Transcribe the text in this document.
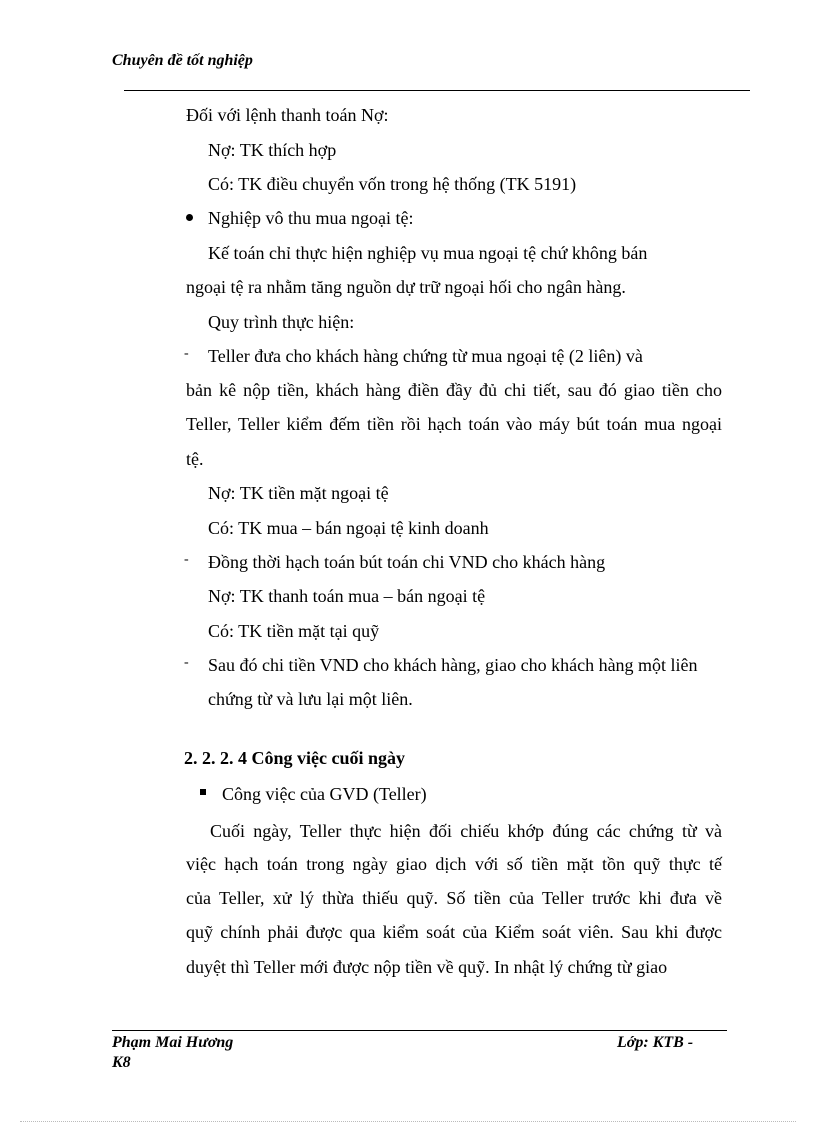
Chuyên đề tốt nghiệp
Đối với lệnh thanh toán Nợ:
Nợ: TK thích hợp
Có: TK điều chuyển vốn trong hệ thống (TK 5191)
Nghiệp vô thu mua ngoại tệ:
Kế toán chỉ thực hiện nghiệp vụ mua ngoại tệ chứ không bán
ngoại tệ ra nhằm tăng nguồn dự trữ ngoại hối cho ngân hàng.
Quy trình thực hiện:
- Teller đưa cho khách hàng chứng từ mua ngoại tệ (2 liên) và
bản kê nộp tiền, khách hàng điền đầy đủ chi tiết, sau đó giao tiền cho
Teller, Teller kiểm đếm tiền rồi hạch toán vào máy bút toán mua ngoại
tệ.
Nợ: TK tiền mặt ngoại tệ
Có: TK mua – bán ngoại tệ kinh doanh
- Đồng thời hạch toán bút toán chi VND cho khách hàng
Nợ: TK thanh toán mua – bán ngoại tệ
Có: TK tiền mặt tại quỹ
- Sau đó chi tiền VND cho khách hàng, giao cho khách hàng một liên
chứng từ và lưu lại một liên.
2. 2. 2. 4 Công việc cuối ngày
Công việc của GVD (Teller)
Cuối ngày, Teller thực hiện đối chiếu khớp đúng các chứng từ và
việc hạch toán trong ngày giao dịch với số tiền mặt tồn quỹ thực tế
của Teller, xử lý thừa thiếu quỹ. Số tiền của Teller trước khi đưa về
quỹ chính phải được qua kiểm soát của Kiểm soát viên. Sau khi được
duyệt thì Teller mới được nộp tiền về quỹ. In nhật lý chứng từ giao
Phạm Mai Hương	Lớp: KTB -
K8
